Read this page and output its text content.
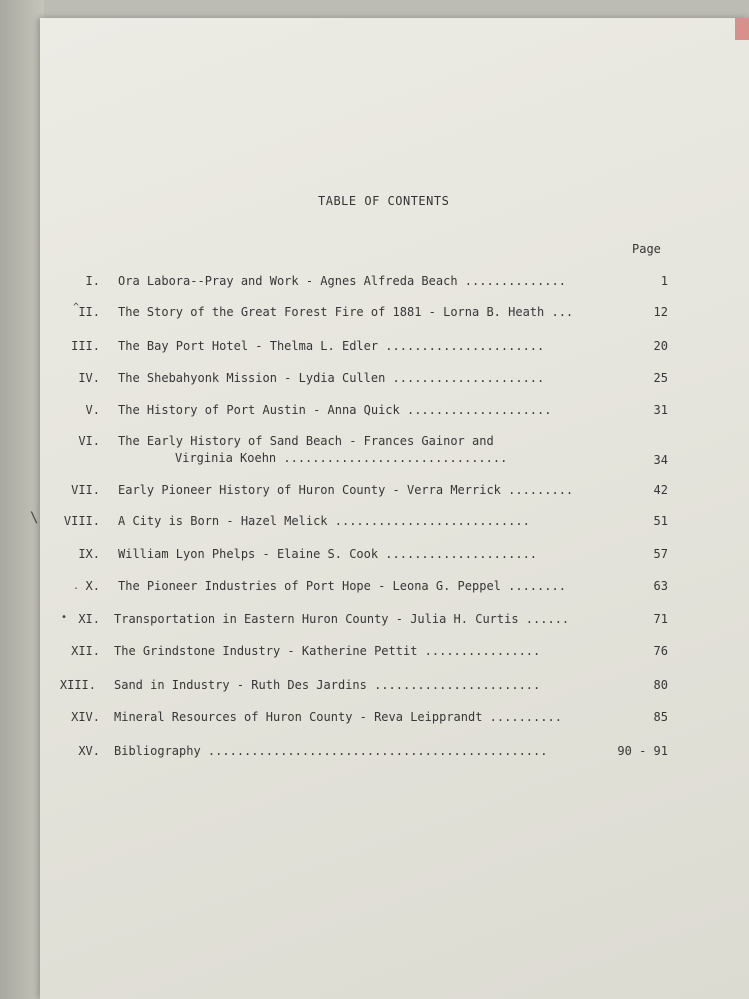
TABLE OF CONTENTS
Page
I. Ora Labora--Pray and Work - Agnes Alfreda Beach ..............	1
^ II. The Story of the Great Forest Fire of 1881 - Lorna B. Heath ...	12
III. The Bay Port Hotel - Thelma L. Edler ......................	20
IV. The Shebahyonk Mission - Lydia Cullen .....................	25
V. The History of Port Austin - Anna Quick ....................	31
VI. The Early History of Sand Beach - Frances Gainor and
Virginia Koehn ...............................	34
VII. Early Pioneer History of Huron County - Verra Merrick .........	42
\	VIII. A City is Born - Hazel Melick ...........................	51
IX. William Lyon Phelps - Elaine S. Cook .....................	57
. X. The Pioneer Industries of Port Hope - Leona G. Peppel ........	63
• XI. Transportation in Eastern Huron County - Julia H. Curtis ......	71
XII. The Grindstone Industry - Katherine Pettit ................	76
XIII. Sand in Industry - Ruth Des Jardins .......................	80
XIV. Mineral Resources of Huron County - Reva Leipprandt ..........	85
XV. Bibliography ...............................................	90 - 91
